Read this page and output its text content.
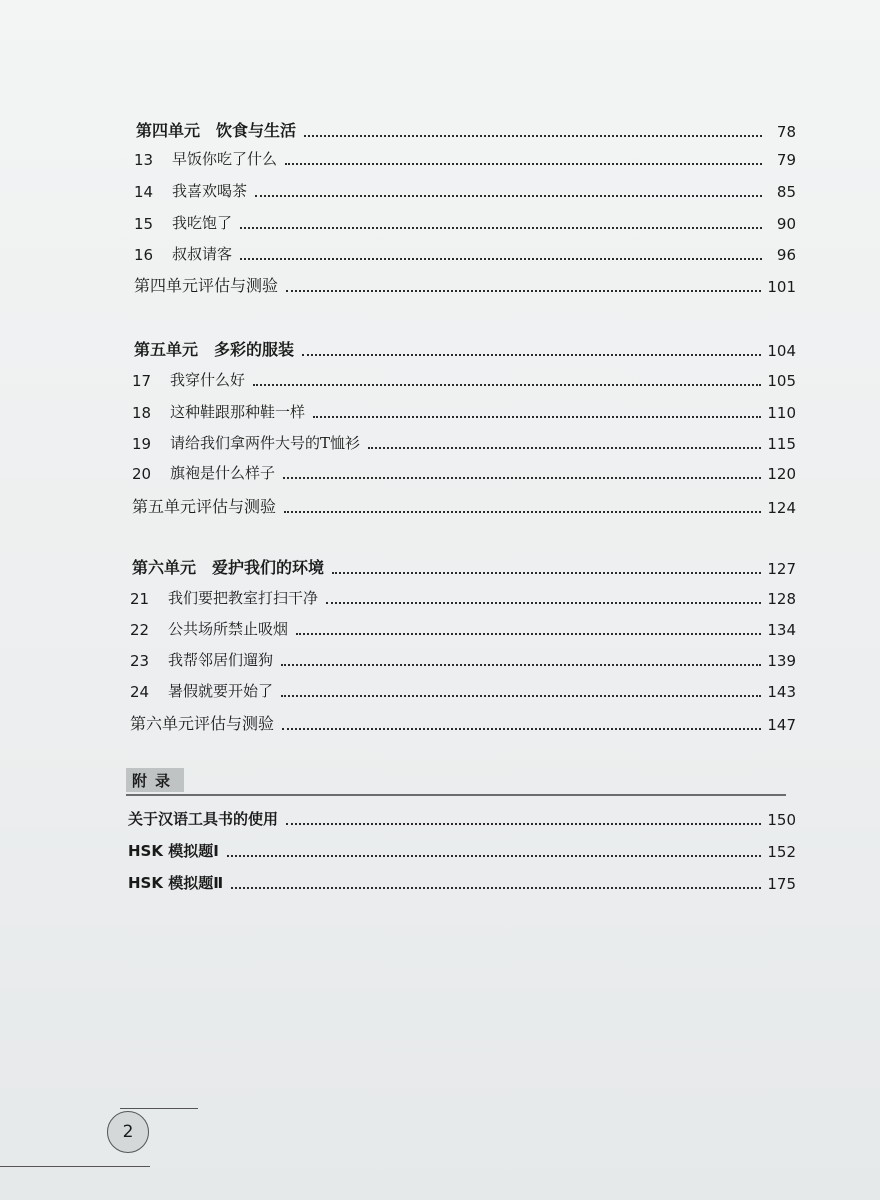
第四单元　饮食与生活	78
13	早饭你吃了什么	79
14	我喜欢喝茶	85
15	我吃饱了	90
16	叔叔请客	96
第四单元评估与测验	101
第五单元　多彩的服装	104
17	我穿什么好	105
18	这种鞋跟那种鞋一样	110
19	请给我们拿两件大号的T恤衫	115
20	旗袍是什么样子	120
第五单元评估与测验	124
第六单元　爱护我们的环境	127
21	我们要把教室打扫干净	128
22	公共场所禁止吸烟	134
23	我帮邻居们遛狗	139
24	暑假就要开始了	143
第六单元评估与测验	147
附录
关于汉语工具书的使用	150
HSK 模拟题Ⅰ	152
HSK 模拟题Ⅱ	175
2
